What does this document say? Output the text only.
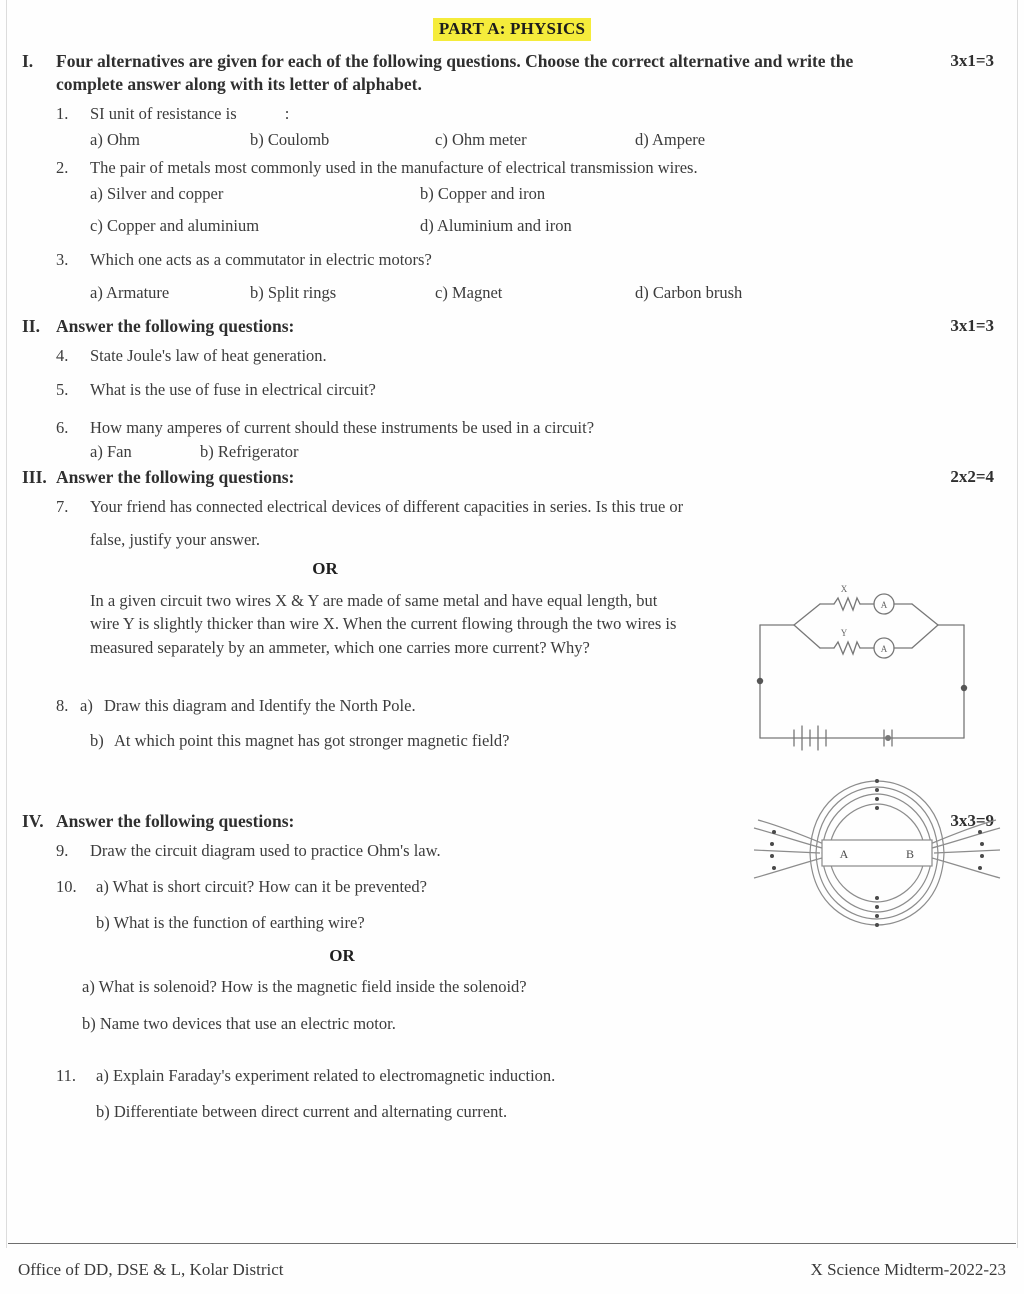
PART A: PHYSICS
I.	Four alternatives are given for each of the following questions. Choose the correct alternative and write the complete answer along with its letter of alphabet.
3x1=3
1.	SI unit of resistance is	:
a) Ohm	b) Coulomb	c) Ohm meter	d) Ampere
2.	The pair of metals most commonly used in the manufacture of electrical transmission wires.
a) Silver and copper	b) Copper and iron
c) Copper and aluminium	d) Aluminium and iron
3.	Which one acts as a commutator in electric motors?
a) Armature	b) Split rings	c) Magnet	d) Carbon brush
II. Answer the following questions:	3x1=3
4.	State Joule's law of heat generation.
5.	What is the use of fuse in electrical circuit?
6.	How many amperes of current should these instruments be used in a circuit?
a) Fan	b) Refrigerator
III. Answer the following questions:	2x2=4
7.	Your friend has connected electrical devices of different capacities in series. Is this true or
false, justify your answer.
OR
In a given circuit two wires X & Y are made of same metal and have equal length, but wire Y is slightly thicker than wire X. When the current flowing through the two wires is measured separately by an ammeter, which one carries more current? Why?
8. a) Draw this diagram and Identify the North Pole.
b) At which point this magnet has got stronger magnetic field?
IV. Answer the following questions:	3x3=9
9.	Draw the circuit diagram used to practice Ohm's law.
10.	a) What is short circuit? How can it be prevented?
b) What is the function of earthing wire?
OR
a) What is solenoid? How is the magnetic field inside the solenoid?
b) Name two devices that use an electric motor.
11.	a) Explain Faraday's experiment related to electromagnetic induction.
b) Differentiate between direct current and alternating current.
X
Y
A
A
A	B
Office of DD, DSE & L, Kolar District	X Science Midterm-2022-23
